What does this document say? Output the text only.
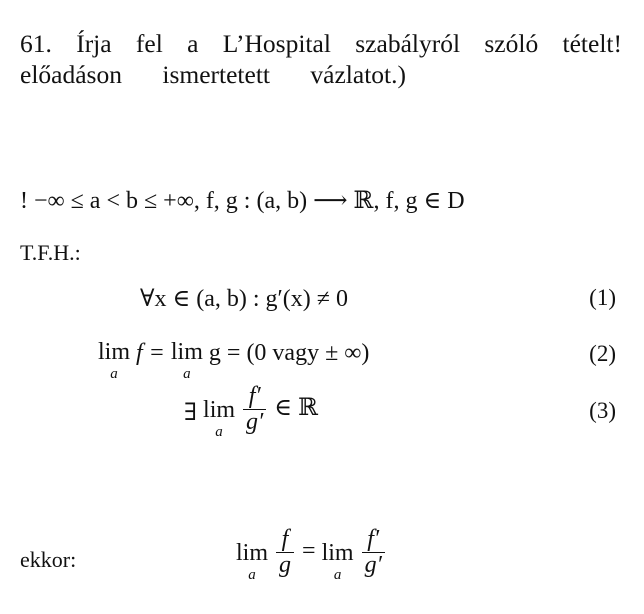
61. Írja fel a L’Hospital szabályról szóló tételt!
előadáson ismertetett vázlatot.)
! −∞ ≤ a < b ≤ +∞, f, g : (a, b) ⟶ ℝ, f, g ∈ D
T.F.H.:
∀x ∈ (a, b) : g′(x) ≠ 0	(1)
lim
a
f = lim
a
g = (0 vagy ± ∞)	(2)
∃ lim
a
$\frac{f'}{g'}$ ∈ ℝ	(3)
ekkor:	lim
a
$\frac{f}{g} = \lim$
a
$\frac{f'}{g'}$
